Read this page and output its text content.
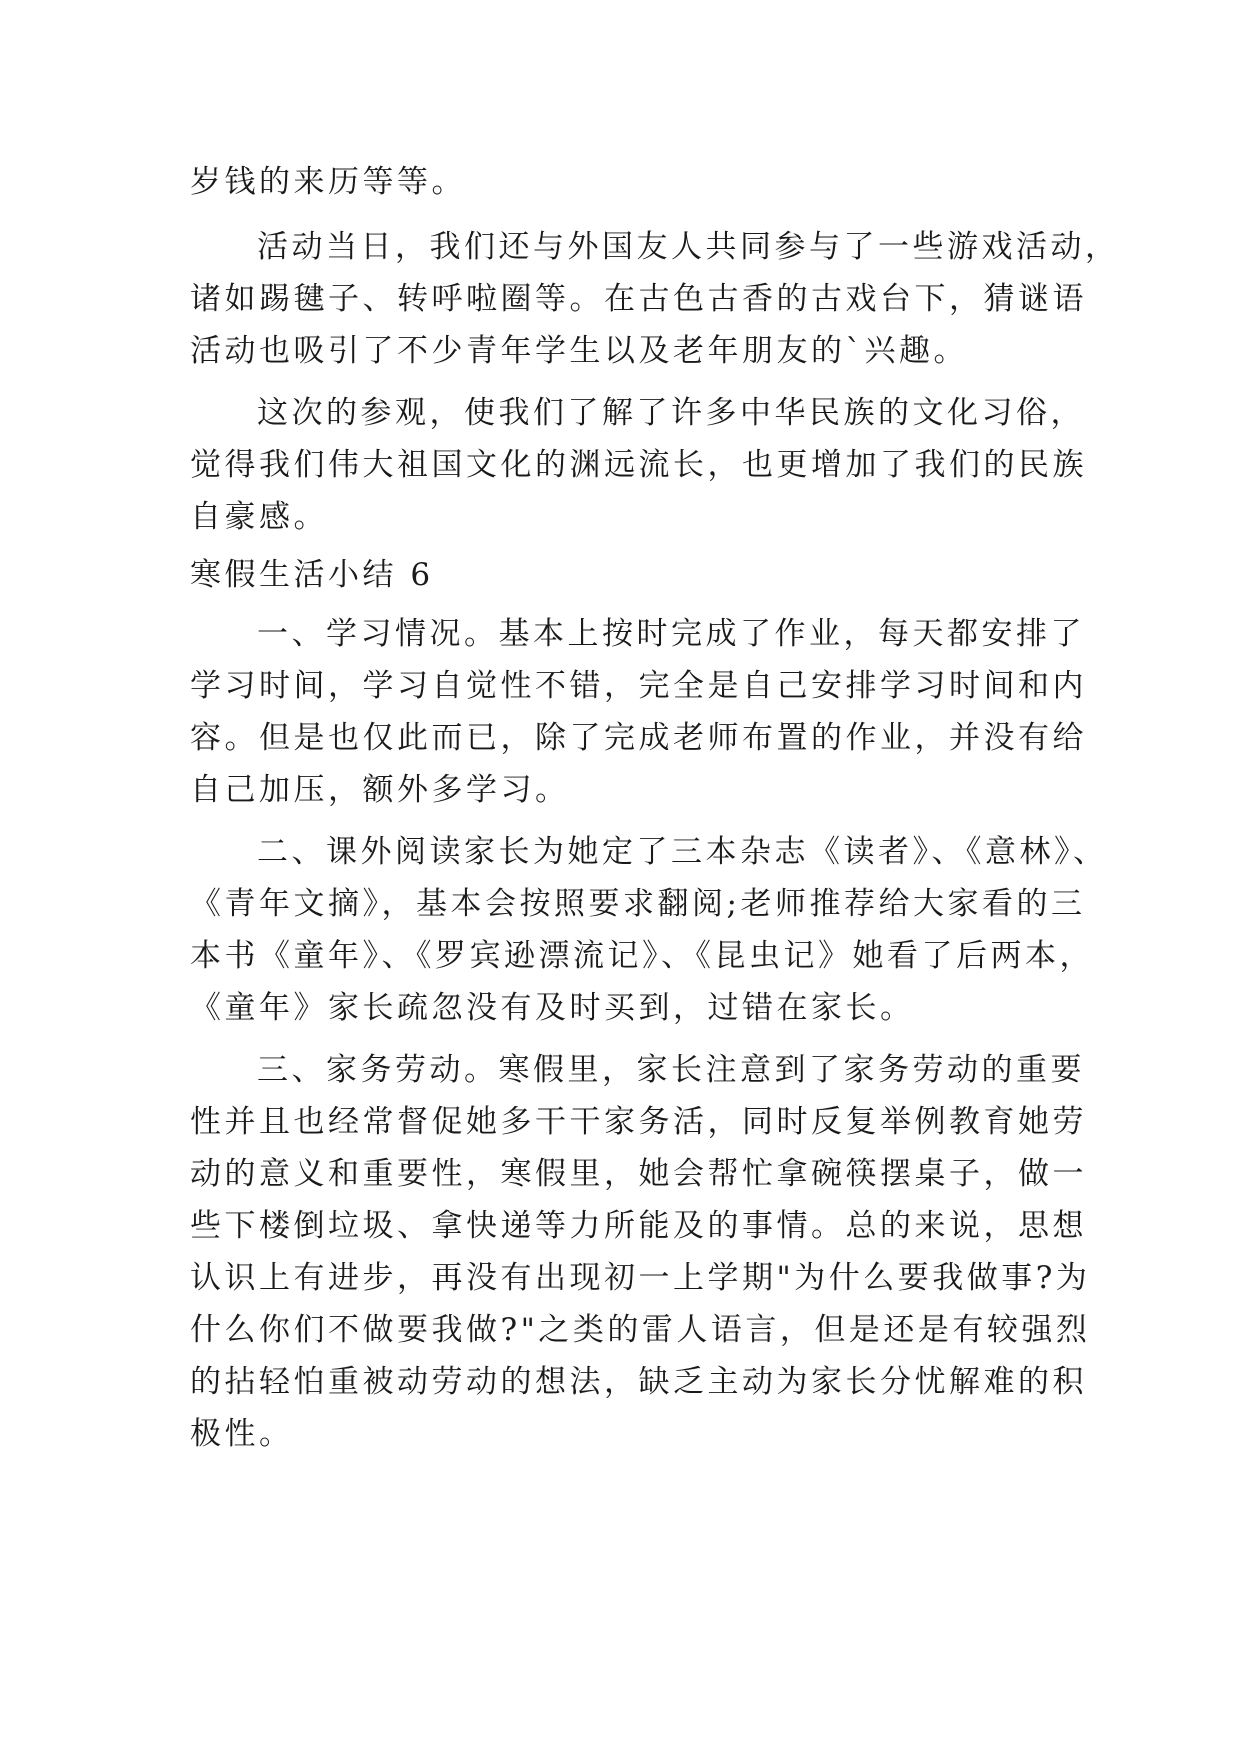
岁钱的来历等等。

活动当日，我们还与外国友人共同参与了一些游戏活动，

诸如踢毽子、转呼啦圈等。在古色古香的古戏台下，猜谜语

活动也吸引了不少青年学生以及老年朋友的`兴趣。

这次的参观，使我们了解了许多中华民族的文化习俗，

觉得我们伟大祖国文化的渊远流长，也更增加了我们的民族

自豪感。

寒假生活小结 6

一、学习情况。基本上按时完成了作业，每天都安排了

学习时间，学习自觉性不错，完全是自己安排学习时间和内

容。但是也仅此而已，除了完成老师布置的作业，并没有给

自己加压，额外多学习。

二、课外阅读家长为她定了三本杂志《读者》、《意林》、

《青年文摘》，基本会按照要求翻阅;老师推荐给大家看的三

本书《童年》、《罗宾逊漂流记》、《昆虫记》她看了后两本，

《童年》家长疏忽没有及时买到，过错在家长。

三、家务劳动。寒假里，家长注意到了家务劳动的重要

性并且也经常督促她多干干家务活，同时反复举例教育她劳

动的意义和重要性，寒假里，她会帮忙拿碗筷摆桌子，做一

些下楼倒垃圾、拿快递等力所能及的事情。总的来说，思想

认识上有进步，再没有出现初一上学期"为什么要我做事?为

什么你们不做要我做?"之类的雷人语言，但是还是有较强烈

的拈轻怕重被动劳动的想法，缺乏主动为家长分忧解难的积

极性。
